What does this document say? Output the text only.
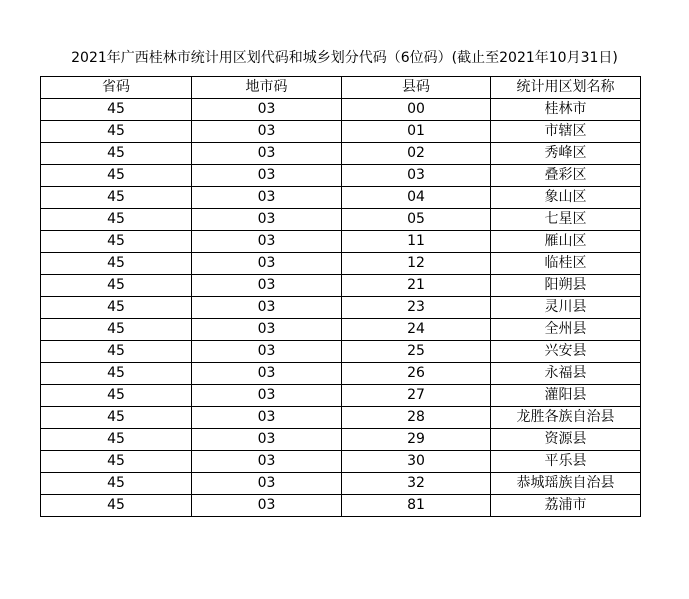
2021年广西桂林市统计用区划代码和城乡划分代码（6位码）(截止至2021年10月31日)
省码	地市码	县码	统计用区划名称
45	03	00	桂林市
45	03	01	市辖区
45	03	02	秀峰区
45	03	03	叠彩区
45	03	04	象山区
45	03	05	七星区
45	03	11	雁山区
45	03	12	临桂区
45	03	21	阳朔县
45	03	23	灵川县
45	03	24	全州县
45	03	25	兴安县
45	03	26	永福县
45	03	27	灌阳县
45	03	28	龙胜各族自治县
45	03	29	资源县
45	03	30	平乐县
45	03	32	恭城瑶族自治县
45	03	81	荔浦市
